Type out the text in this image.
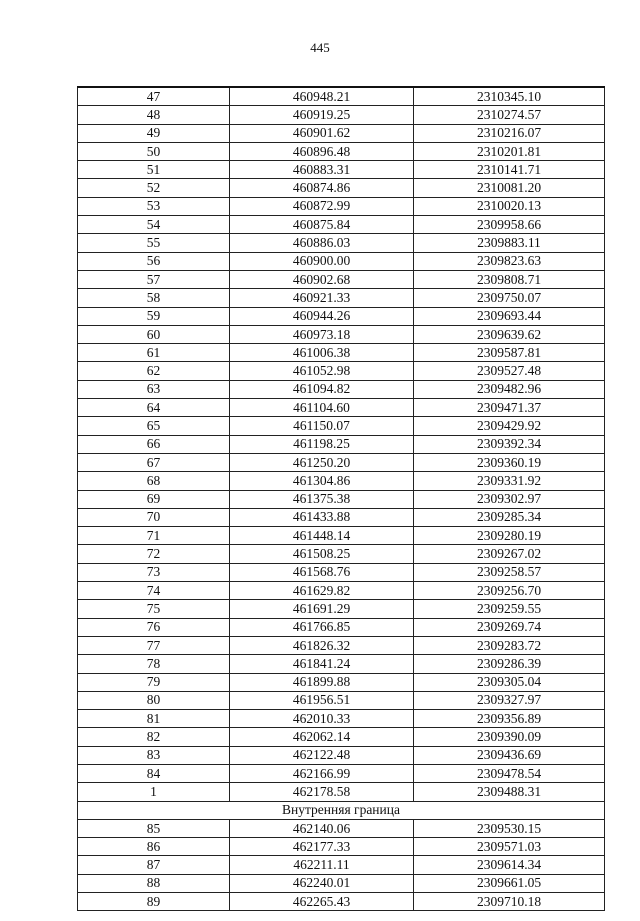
445
47	460948.21	2310345.10
48	460919.25	2310274.57
49	460901.62	2310216.07
50	460896.48	2310201.81
51	460883.31	2310141.71
52	460874.86	2310081.20
53	460872.99	2310020.13
54	460875.84	2309958.66
55	460886.03	2309883.11
56	460900.00	2309823.63
57	460902.68	2309808.71
58	460921.33	2309750.07
59	460944.26	2309693.44
60	460973.18	2309639.62
61	461006.38	2309587.81
62	461052.98	2309527.48
63	461094.82	2309482.96
64	461104.60	2309471.37
65	461150.07	2309429.92
66	461198.25	2309392.34
67	461250.20	2309360.19
68	461304.86	2309331.92
69	461375.38	2309302.97
70	461433.88	2309285.34
71	461448.14	2309280.19
72	461508.25	2309267.02
73	461568.76	2309258.57
74	461629.82	2309256.70
75	461691.29	2309259.55
76	461766.85	2309269.74
77	461826.32	2309283.72
78	461841.24	2309286.39
79	461899.88	2309305.04
80	461956.51	2309327.97
81	462010.33	2309356.89
82	462062.14	2309390.09
83	462122.48	2309436.69
84	462166.99	2309478.54
1	462178.58	2309488.31
Внутренняя граница		
85	462140.06	2309530.15
86	462177.33	2309571.03
87	462211.11	2309614.34
88	462240.01	2309661.05
89	462265.43	2309710.18
